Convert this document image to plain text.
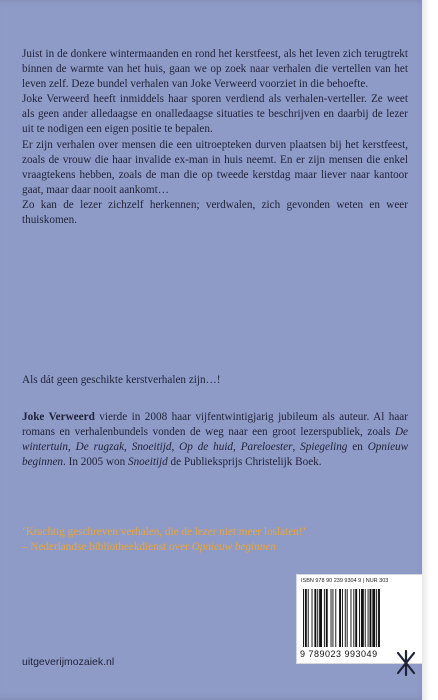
Juist in de donkere wintermaanden en rond het kerstfeest, als het leven zich terugtrekt binnen de warmte van het huis, gaan we op zoek naar verhalen die vertellen van het leven zelf. Deze bundel verhalen van Joke Verweerd voorziet in die behoefte.

Joke Verweerd heeft inmiddels haar sporen verdiend als verhalen-verteller. Ze weet als geen ander alledaagse en onalledaagse situaties te beschrijven en daarbij de lezer uit te nodigen een eigen positie te bepalen.

Er zijn verhalen over mensen die een uitroepteken durven plaatsen bij het kerstfeest, zoals de vrouw die haar invalide ex-man in huis neemt. En er zijn mensen die enkel vraagtekens hebben, zoals de man die op tweede kerstdag maar liever naar kantoor gaat, maar daar nooit aankomt…

Zo kan de lezer zichzelf herkennen; verdwalen, zich gevonden weten en weer thuiskomen.

Als dát geen geschikte kerstverhalen zijn…!

Joke Verweerd vierde in 2008 haar vijfentwintigjarig jubileum als auteur. Al haar romans en verhalenbundels vonden de weg naar een groot lezerspubliek, zoals De wintertuin, De rugzak, Snoeitijd, Op de huid, Pareloester, Spiegeling en Opnieuw beginnen. In 2005 won Snoeitijd de Publieksprijs Christelijk Boek.

‘Krachtig geschreven verhalen, die de lezer niet meer loslaten!’

– Nederlandse bibliotheekdienst over Opnieuw beginnen

ISBN 978 90 239 9304 9 | NUR 303
9 789023 993049
uitgeverijmozaiek.nl
